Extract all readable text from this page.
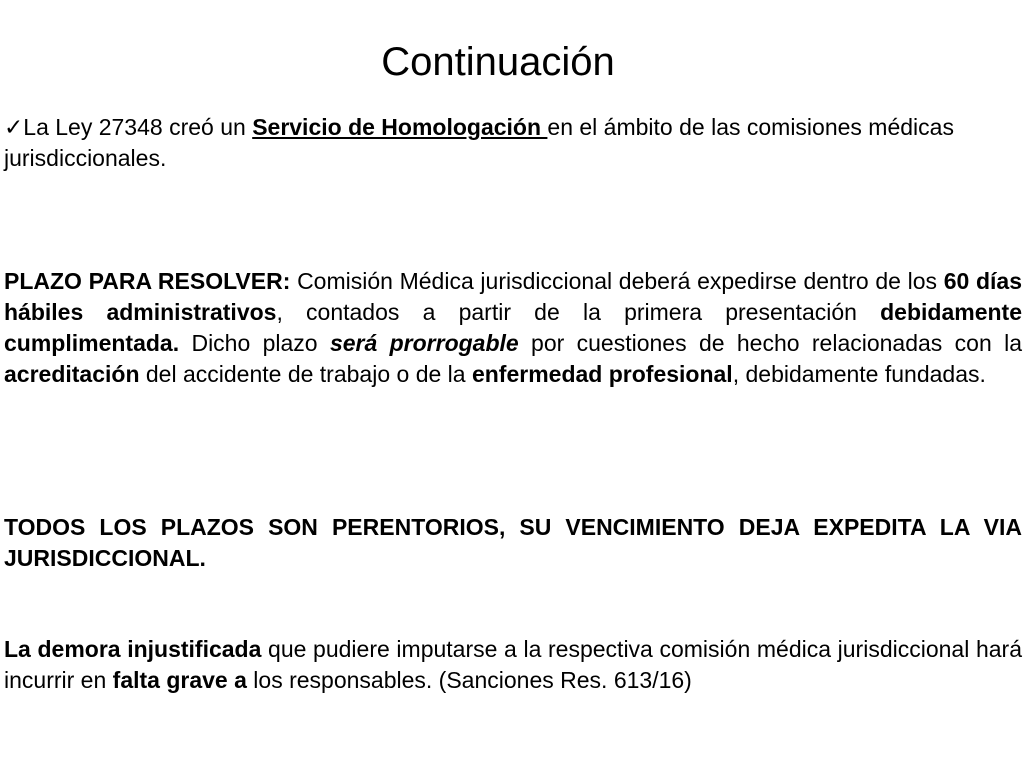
Continuación

✓La Ley 27348 creó un Servicio de Homologación en el ámbito de las comisiones médicas jurisdiccionales.

PLAZO PARA RESOLVER: Comisión Médica jurisdiccional deberá expedirse dentro de los 60 días hábiles administrativos, contados a partir de la primera presentación debidamente cumplimentada. Dicho plazo será prorrogable por cuestiones de hecho relacionadas con la acreditación del accidente de trabajo o de la enfermedad profesional, debidamente fundadas.

TODOS LOS PLAZOS SON PERENTORIOS, SU VENCIMIENTO DEJA EXPEDITA LA VIA JURISDICCIONAL.

La demora injustificada que pudiere imputarse a la respectiva comisión médica jurisdiccional hará incurrir en falta grave a los responsables. (Sanciones Res. 613/16)
